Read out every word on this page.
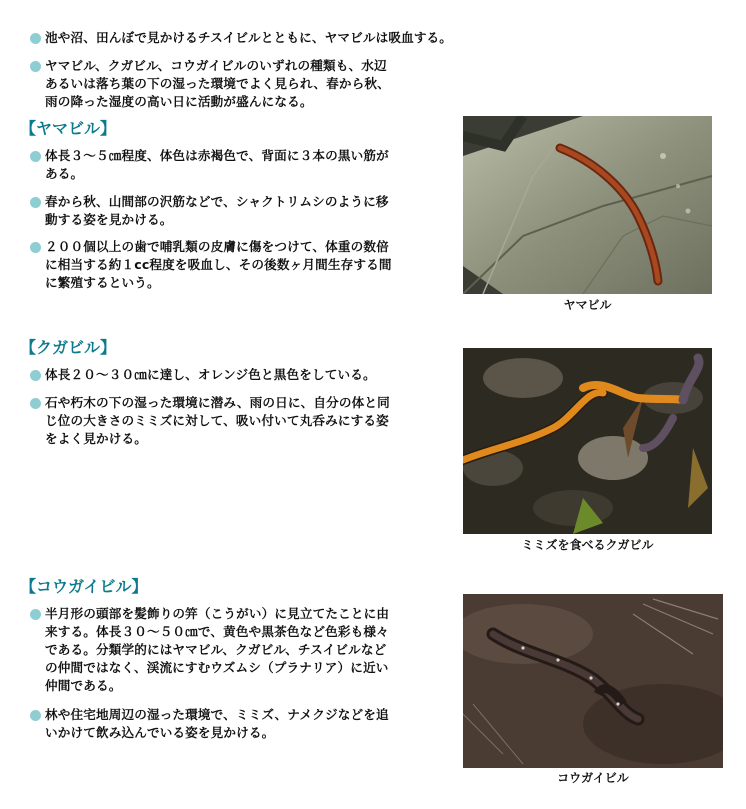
池や沼、田んぼで見かけるチスイビルとともに、ヤマビルは吸血する。
ヤマビル、クガビル、コウガイビルのいずれの種類も、水辺
あるいは落ち葉の下の湿った環境でよく見られ、春から秋、
雨の降った湿度の高い日に活動が盛んになる。
【ヤマビル】
体長３～５㎝程度、体色は赤褐色で、背面に３本の黒い筋が
ある。
春から秋、山間部の沢筋などで、シャクトリムシのように移
動する姿を見かける。
２００個以上の歯で哺乳類の皮膚に傷をつけて、体重の数倍
に相当する約１cc程度を吸血し、その後数ヶ月間生存する間
に繁殖するという。
ヤマビル
【クガビル】
体長２０～３０㎝に達し、オレンジ色と黒色をしている。
石や朽木の下の湿った環境に潜み、雨の日に、自分の体と同
じ位の大きさのミミズに対して、吸い付いて丸呑みにする姿
をよく見かける。
ミミズを食べるクガビル
【コウガイビル】
半月形の頭部を髪飾りの笄（こうがい）に見立てたことに由
来する。体長３０～５０㎝で、黄色や黒茶色など色彩も様々
である。分類学的にはヤマビル、クガビル、チスイビルなど
の仲間ではなく、渓流にすむウズムシ（プラナリア）に近い
仲間である。
林や住宅地周辺の湿った環境で、ミミズ、ナメクジなどを追
いかけて飲み込んでいる姿を見かける。
コウガイビル
